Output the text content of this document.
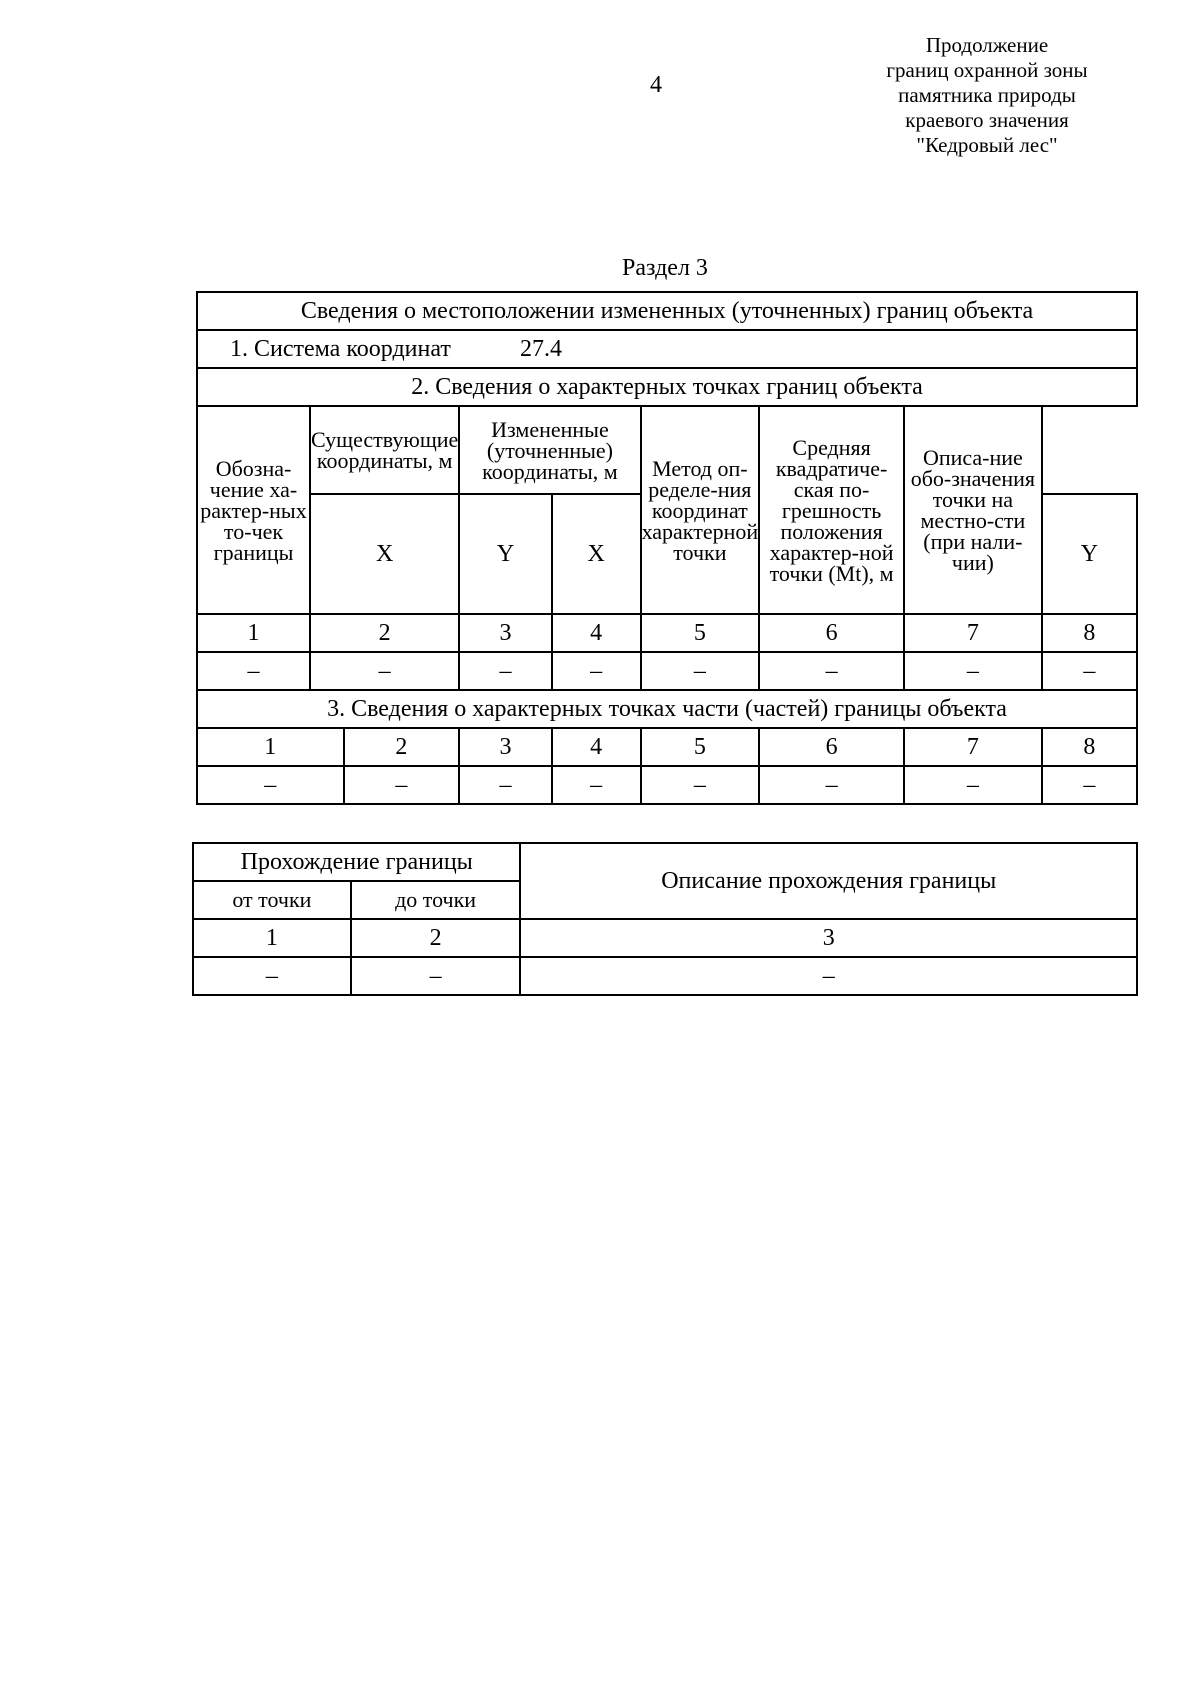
4
Продолжение
границ охранной зоны
памятника природы
краевого значения
"Кедровый лес"
Раздел 3
Сведения о местоположении измененных (уточненных) границ объекта								
1. Система координат 27.4								
2. Сведения о характерных точках границ объекта								
Обозна-чение ха-рактер-ных то-чек границы	Существующие координаты, м		Измененные (уточненные) координаты, м		Метод оп-ределе-ния координат характерной точки	Средняя квадратиче-ская по-грешность положения характер-ной точки (Mt), м	Описа-ние обо-значения точки на местно-сти (при нали-чии)	
	X		Y	X				Y
1	2		3	4	5	6	7	8
–	–		–	–	–	–	–	–
3. Сведения о характерных точках части (частей) границы объекта								
1		2	3	4	5	6	7	8
–		–	–	–	–	–	–	–
Прохождение границы		Описание прохождения границы
от точки	до точки	
1	2	3
–	–	–
